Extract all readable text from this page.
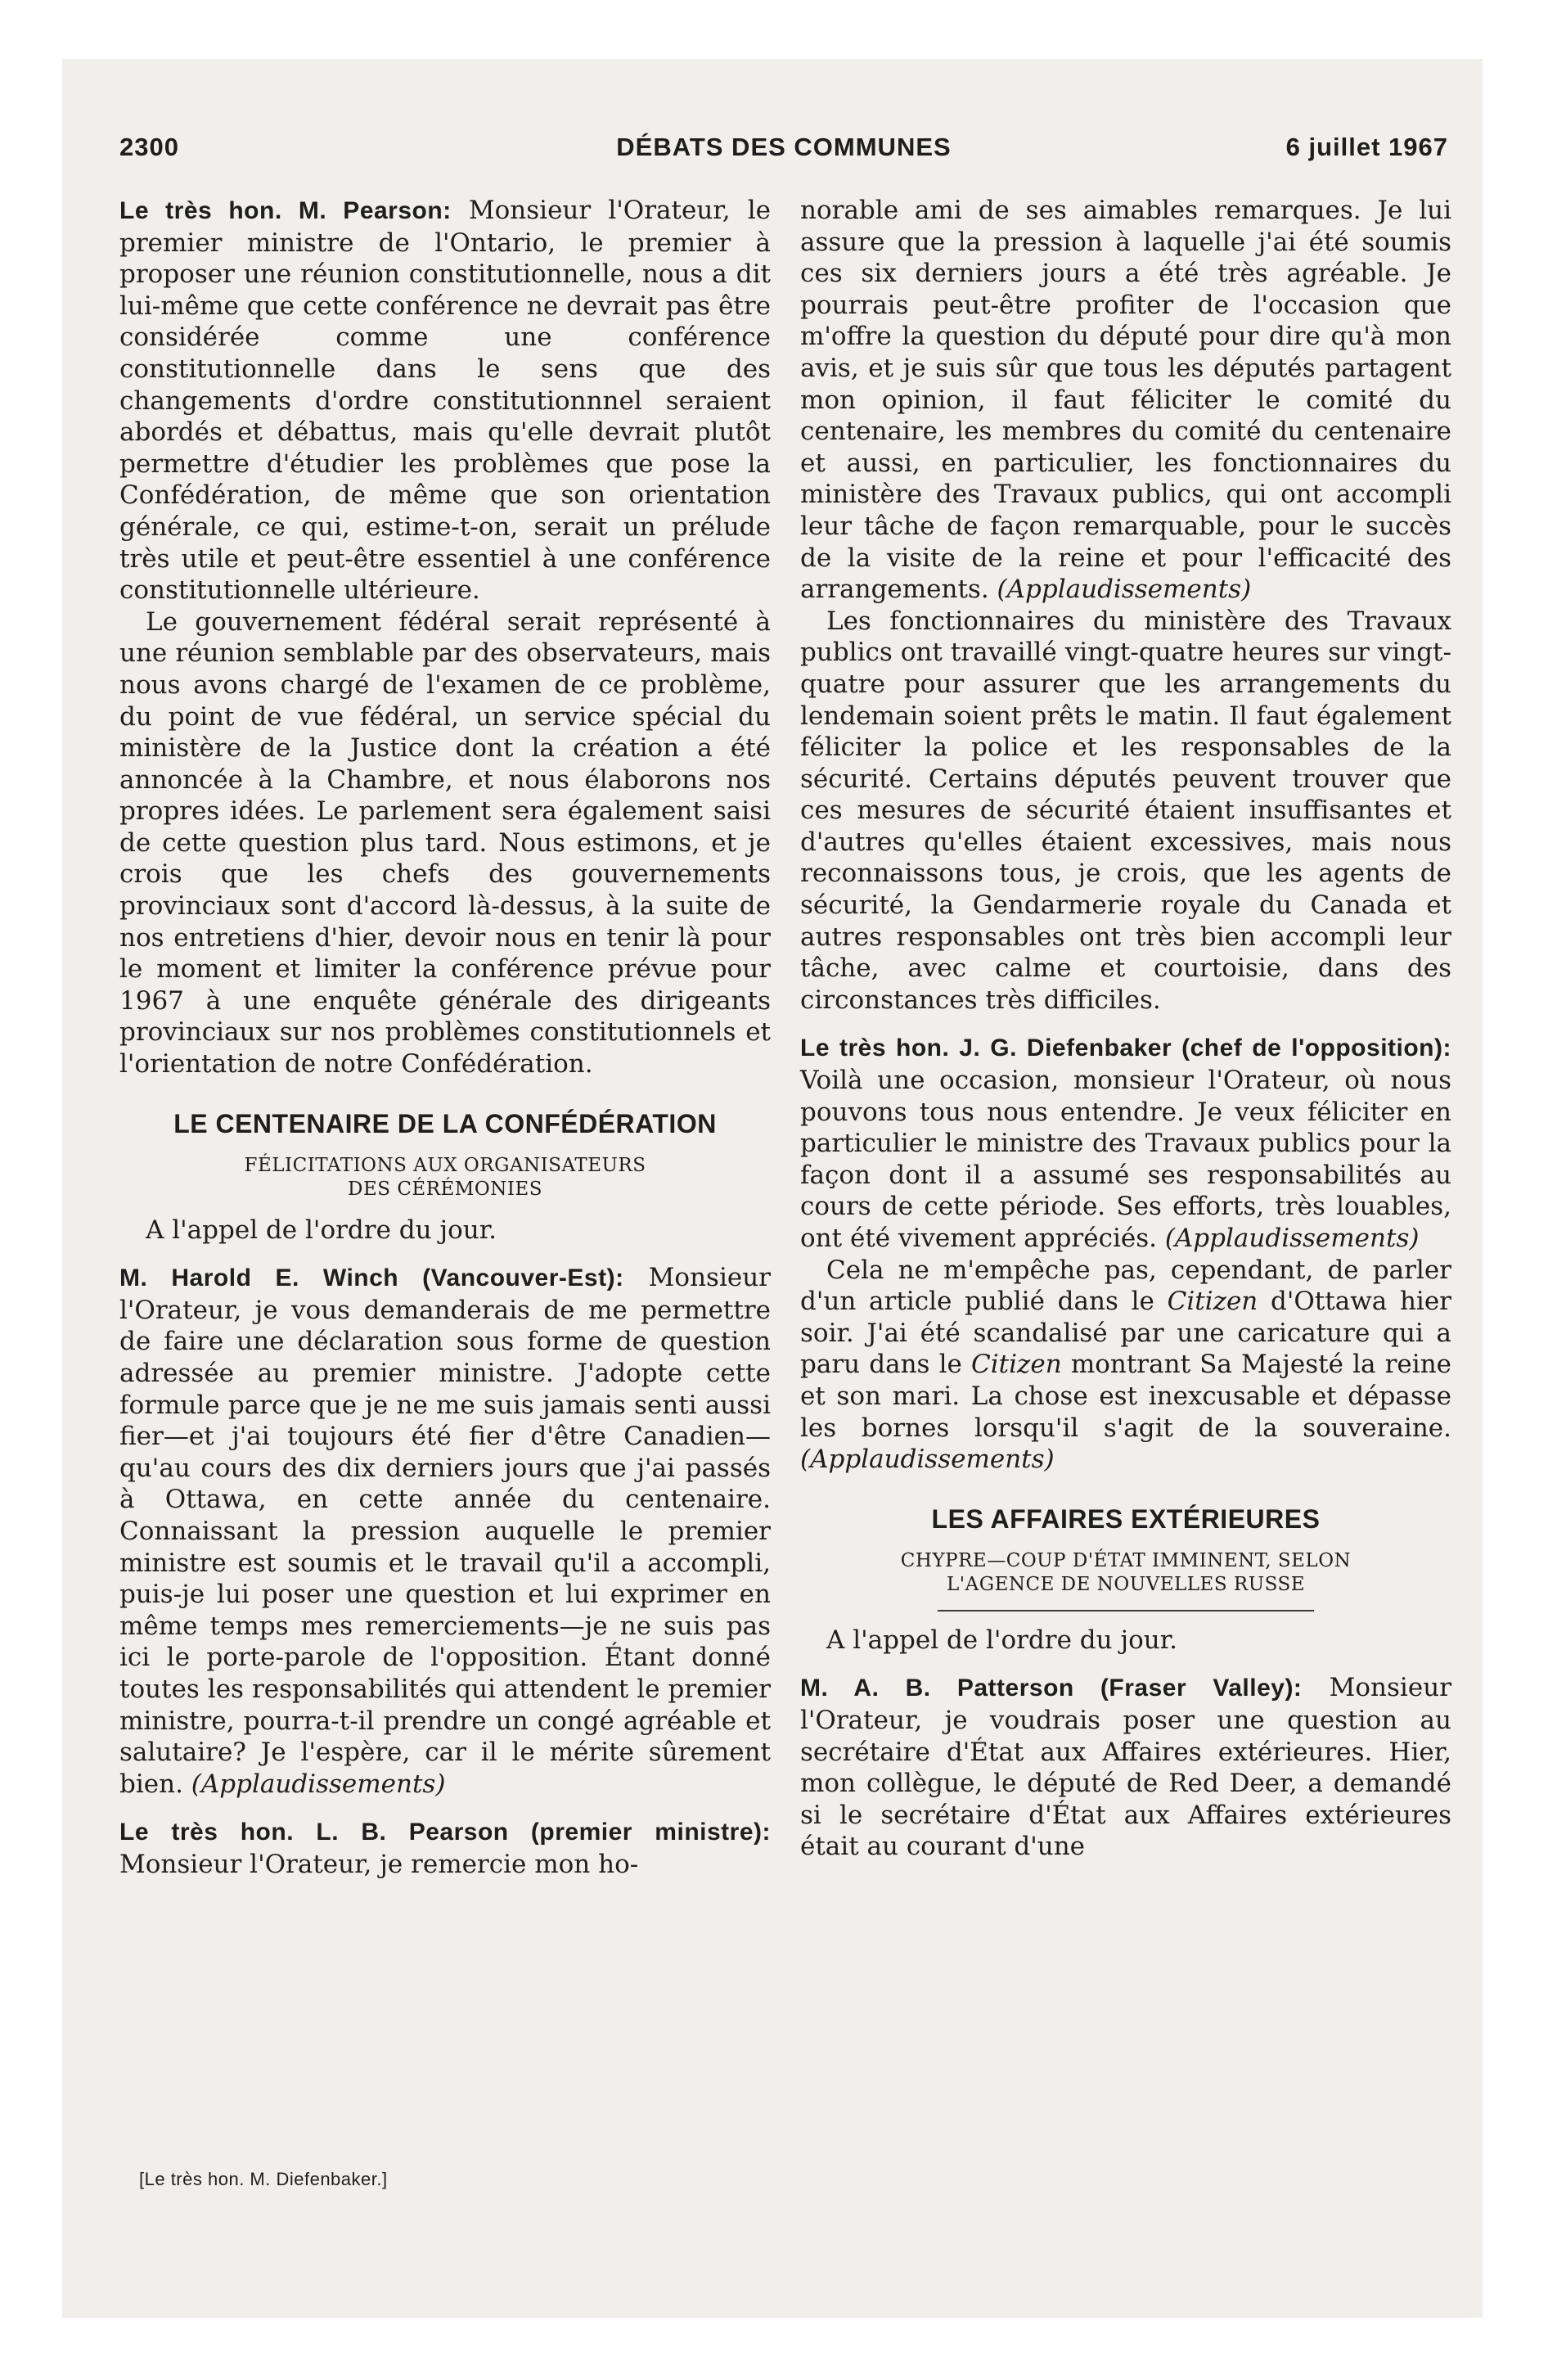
DÉBATS DES COMMUNES
2300	6 juillet 1967

Le très hon. M. Pearson: Monsieur l'Orateur, le premier ministre de l'Ontario, le premier à proposer une réunion constitutionnelle, nous a dit lui-même que cette conférence ne devrait pas être considérée comme une conférence constitutionnelle dans le sens que des changements d'ordre constitutionnnel seraient abordés et débattus, mais qu'elle devrait plutôt permettre d'étudier les problèmes que pose la Confédération, de même que son orientation générale, ce qui, estime-t-on, serait un prélude très utile et peut-être essentiel à une conférence constitutionnelle ultérieure.

Le gouvernement fédéral serait représenté à une réunion semblable par des observateurs, mais nous avons chargé de l'examen de ce problème, du point de vue fédéral, un service spécial du ministère de la Justice dont la création a été annoncée à la Chambre, et nous élaborons nos propres idées. Le parlement sera également saisi de cette question plus tard. Nous estimons, et je crois que les chefs des gouvernements provinciaux sont d'accord là-dessus, à la suite de nos entretiens d'hier, devoir nous en tenir là pour le moment et limiter la conférence prévue pour 1967 à une enquête générale des dirigeants provinciaux sur nos problèmes constitutionnels et l'orientation de notre Confédération.

LE CENTENAIRE DE LA CONFÉDÉRATION
FÉLICITATIONS AUX ORGANISATEURS
DES CÉRÉMONIES

A l'appel de l'ordre du jour.

M. Harold E. Winch (Vancouver-Est): Monsieur l'Orateur, je vous demanderais de me permettre de faire une déclaration sous forme de question adressée au premier ministre. J'adopte cette formule parce que je ne me suis jamais senti aussi fier—et j'ai toujours été fier d'être Canadien—qu'au cours des dix derniers jours que j'ai passés à Ottawa, en cette année du centenaire. Connaissant la pression auquelle le premier ministre est soumis et le travail qu'il a accompli, puis-je lui poser une question et lui exprimer en même temps mes remerciements—je ne suis pas ici le porte-parole de l'opposition. Étant donné toutes les responsabilités qui attendent le premier ministre, pourra-t-il prendre un congé agréable et salutaire? Je l'espère, car il le mérite sûrement bien. (Applaudissements)

Le très hon. L. B. Pearson (premier ministre): Monsieur l'Orateur, je remercie mon ho-

norable ami de ses aimables remarques. Je lui assure que la pression à laquelle j'ai été soumis ces six derniers jours a été très agréable. Je pourrais peut-être profiter de l'occasion que m'offre la question du député pour dire qu'à mon avis, et je suis sûr que tous les députés partagent mon opinion, il faut féliciter le comité du centenaire, les membres du comité du centenaire et aussi, en particulier, les fonctionnaires du ministère des Travaux publics, qui ont accompli leur tâche de façon remarquable, pour le succès de la visite de la reine et pour l'efficacité des arrangements. (Applaudissements)

Les fonctionnaires du ministère des Travaux publics ont travaillé vingt-quatre heures sur vingt-quatre pour assurer que les arrangements du lendemain soient prêts le matin. Il faut également féliciter la police et les responsables de la sécurité. Certains députés peuvent trouver que ces mesures de sécurité étaient insuffisantes et d'autres qu'elles étaient excessives, mais nous reconnaissons tous, je crois, que les agents de sécurité, la Gendarmerie royale du Canada et autres responsables ont très bien accompli leur tâche, avec calme et courtoisie, dans des circonstances très difficiles.

Le très hon. J. G. Diefenbaker (chef de l'opposition): Voilà une occasion, monsieur l'Orateur, où nous pouvons tous nous entendre. Je veux féliciter en particulier le ministre des Travaux publics pour la façon dont il a assumé ses responsabilités au cours de cette période. Ses efforts, très louables, ont été vivement appréciés. (Applaudissements)

Cela ne m'empêche pas, cependant, de parler d'un article publié dans le Citizen d'Ottawa hier soir. J'ai été scandalisé par une caricature qui a paru dans le Citizen montrant Sa Majesté la reine et son mari. La chose est inexcusable et dépasse les bornes lorsqu'il s'agit de la souveraine. (Applaudissements)

LES AFFAIRES EXTÉRIEURES
CHYPRE—COUP D'ÉTAT IMMINENT, SELON
L'AGENCE DE NOUVELLES RUSSE

A l'appel de l'ordre du jour.

M. A. B. Patterson (Fraser Valley): Monsieur l'Orateur, je voudrais poser une question au secrétaire d'État aux Affaires extérieures. Hier, mon collègue, le député de Red Deer, a demandé si le secrétaire d'État aux Affaires extérieures était au courant d'une

[Le très hon. M. Diefenbaker.]
